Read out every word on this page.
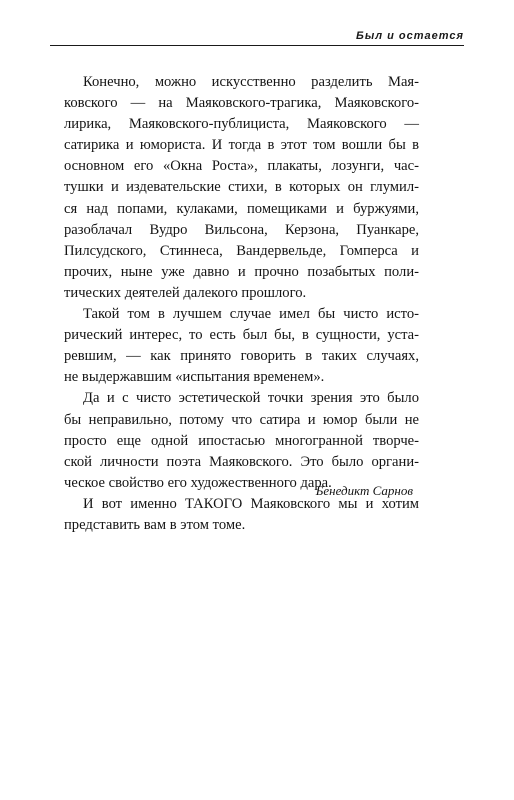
Был и остается

Конечно, можно искусственно разделить Мая-
ковского — на Маяковского-трагика, Маяковского-
лирика, Маяковского-публициста, Маяковского —
сатирика и юмориста. И тогда в этот том вошли бы в
основном его «Окна Роста», плакаты, лозунги, час-
тушки и издевательские стихи, в которых он глумил-
ся над попами, кулаками, помещиками и буржуями,
разоблачал Вудро Вильсона, Керзона, Пуанкаре,
Пилсудского, Стиннеса, Вандервельде, Гомперса и
прочих, ныне уже давно и прочно позабытых поли-
тических деятелей далекого прошлого.

Такой том в лучшем случае имел бы чисто исто-
рический интерес, то есть был бы, в сущности, уста-
ревшим, — как принято говорить в таких случаях,
не выдержавшим «испытания временем».

Да и с чисто эстетической точки зрения это было
бы неправильно, потому что сатира и юмор были не
просто еще одной ипостасью многогранной творче-
ской личности поэта Маяковского. Это было органи-
ческое свойство его художественного дара.

И вот именно ТАКОГО Маяковского мы и хотим
представить вам в этом томе.

Бенедикт Сарнов
